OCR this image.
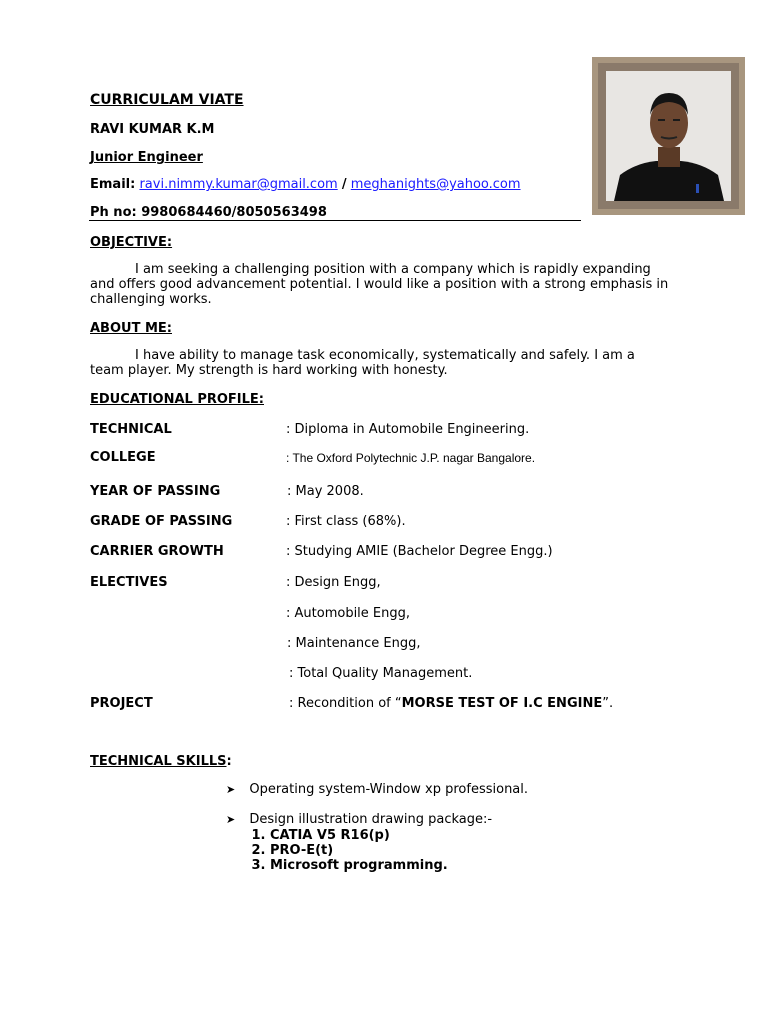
CURRICULAM VIATE
RAVI KUMAR K.M
Junior Engineer
Email: ravi.nimmy.kumar@gmail.com / meghanights@yahoo.com
Ph no: 9980684460/8050563498
OBJECTIVE:
I am seeking a challenging position with a company which is rapidly expanding and offers good advancement potential. I would like a position with a strong emphasis in challenging works.
ABOUT ME:
I have ability to manage task economically, systematically and safely. I am a team player. My strength is hard working with honesty.
EDUCATIONAL PROFILE:
TECHNICAL	: Diploma in Automobile Engineering.
COLLEGE	: The Oxford Polytechnic J.P. nagar Bangalore.
YEAR OF PASSING	: May 2008.
GRADE OF PASSING	: First class (68%).
CARRIER GROWTH	: Studying AMIE (Bachelor Degree Engg.)
ELECTIVES	: Design Engg,
: Automobile Engg,
: Maintenance Engg,
: Total Quality Management.
PROJECT	: Recondition of “MORSE TEST OF I.C ENGINE”.
TECHNICAL SKILLS:
➤ Operating system-Window xp professional.
➤ Design illustration drawing package:-
1. CATIA V5 R16(p)
2. PRO-E(t)
3. Microsoft programming.
